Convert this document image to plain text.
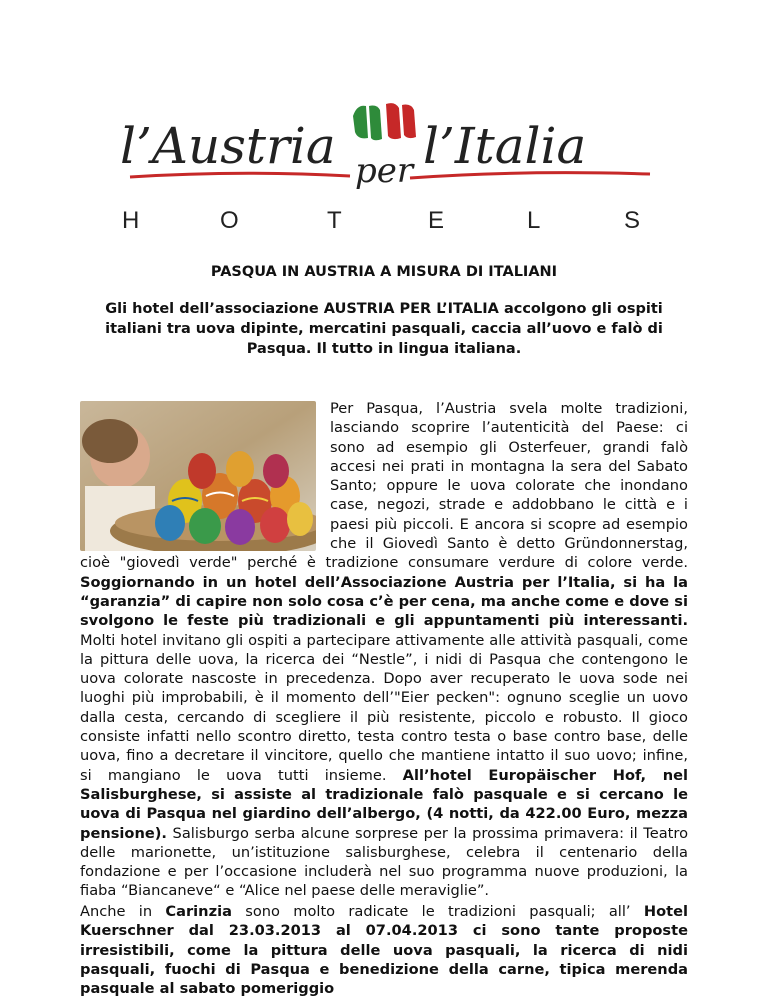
l’Austria per l’Italia
H	O	T	E	L	S
PASQUA IN AUSTRIA A MISURA DI ITALIANI
Gli hotel dell’associazione AUSTRIA PER L’ITALIA accolgono gli ospiti italiani tra uova dipinte, mercatini pasquali, caccia all’uovo e falò di Pasqua. Il tutto in lingua italiana.
Per Pasqua, l’Austria svela molte tradizioni, lasciando scoprire l’autenticità del Paese: ci sono ad esempio gli Osterfeuer, grandi falò accesi nei prati in montagna la sera del Sabato Santo; oppure le uova colorate che inondano case, negozi, strade e addobbano le città e i paesi più piccoli. E ancora si scopre ad esempio che il Giovedì Santo è detto Gründonnerstag, cioè "giovedì verde" perché è tradizione consumare verdure di colore verde. Soggiornando in un hotel dell’Associazione Austria per l’Italia, si ha la “garanzia” di capire non solo cosa c’è per cena, ma anche come e dove si svolgono le feste più tradizionali e gli appuntamenti più interessanti. Molti hotel invitano gli ospiti a partecipare attivamente alle attività pasquali, come la pittura delle uova, la ricerca dei “Nestle”, i nidi di Pasqua che contengono le uova colorate nascoste in precedenza. Dopo aver recuperato le uova sode nei luoghi più improbabili, è il momento dell’"Eier pecken": ognuno sceglie un uovo dalla cesta, cercando di scegliere il più resistente, piccolo e robusto. Il gioco consiste infatti nello scontro diretto, testa contro testa o base contro base, delle uova, fino a decretare il vincitore, quello che mantiene intatto il suo uovo; infine, si mangiano le uova tutti insieme. All’hotel Europäischer Hof, nel Salisburghese, si assiste al tradizionale falò pasquale e si cercano le uova di Pasqua nel giardino dell’albergo, (4 notti, da 422.00 Euro, mezza pensione). Salisburgo serba alcune sorprese per la prossima primavera: il Teatro delle marionette, un’istituzione salisburghese, celebra il centenario della fondazione e per l’occasione includerà nel suo programma nuove produzioni, la fiaba “Biancaneve“ e “Alice nel paese delle meraviglie”.
Anche in Carinzia sono molto radicate le tradizioni pasquali; all’ Hotel Kuerschner dal 23.03.2013 al 07.04.2013 ci sono tante proposte irresistibili, come la pittura delle uova pasquali, la ricerca di nidi pasquali, fuochi di Pasqua e benedizione della carne, tipica merenda pasquale al sabato pomeriggio
